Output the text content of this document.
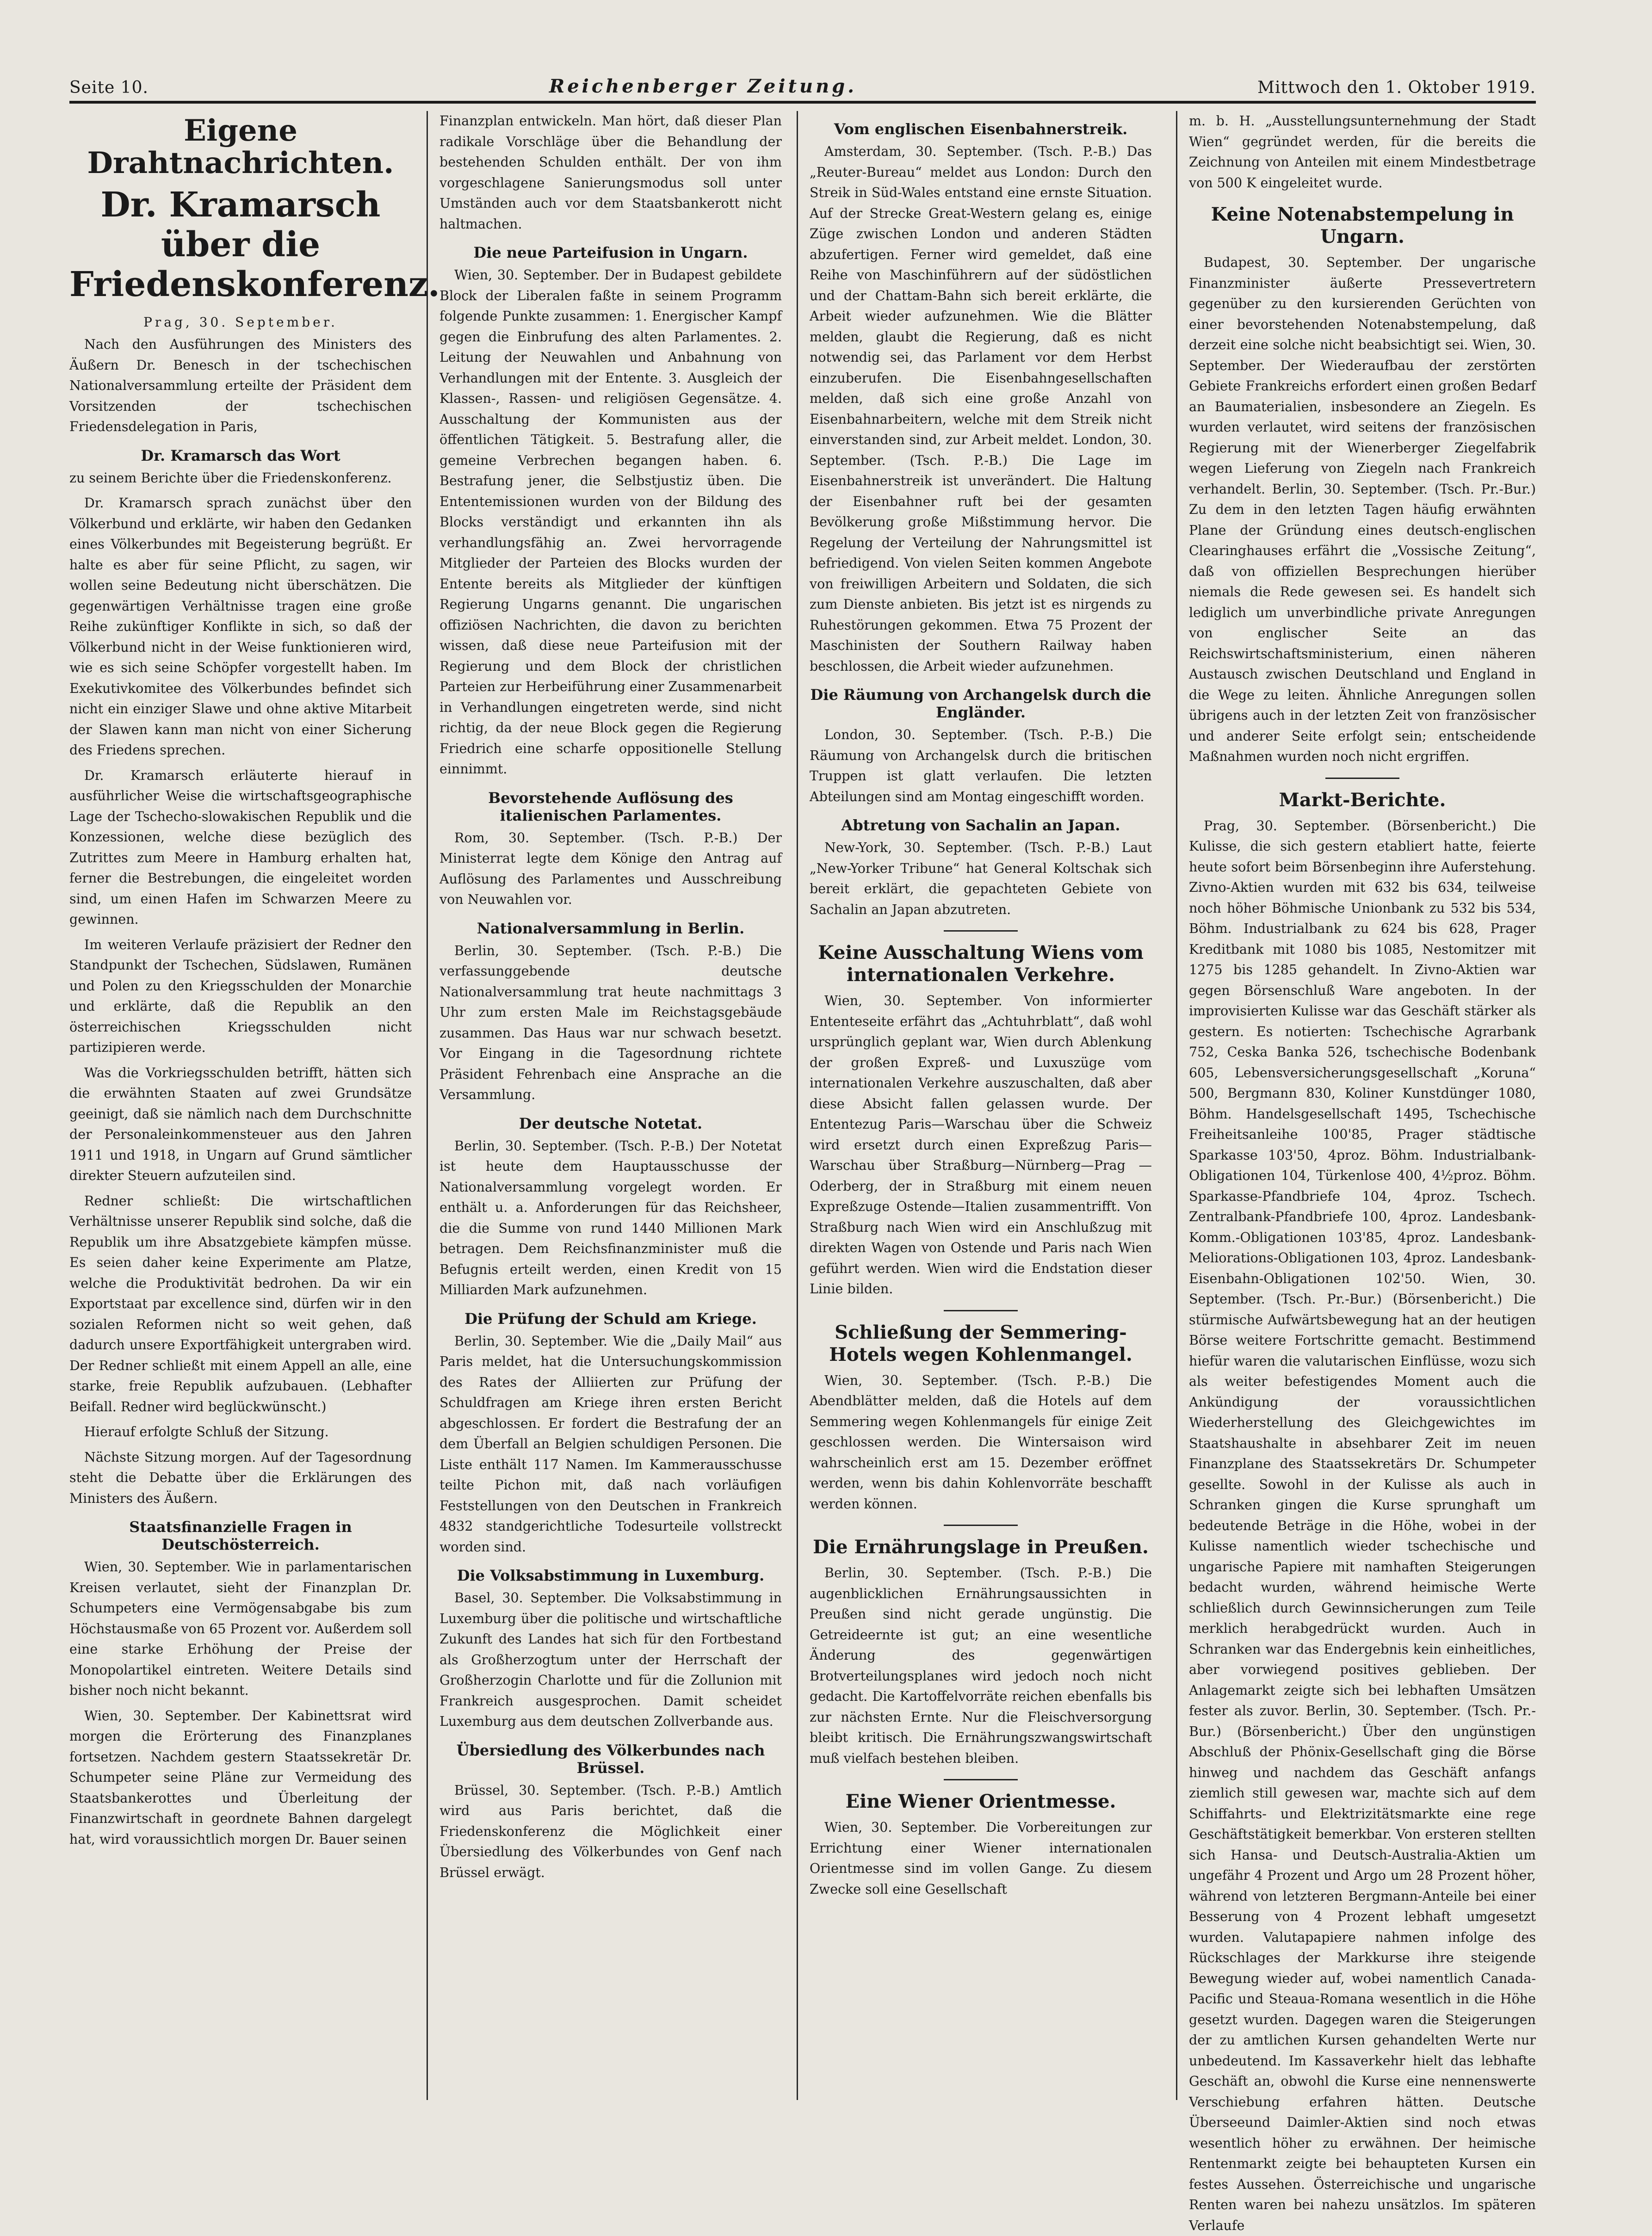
Seite 10.	Reichenberger Zeitung.	Mittwoch den 1. Oktober 1919.
Eigene Drahtnachrichten.
Dr. Kramarsch über die Friedenskonferenz.
Prag, 30. September.

Nach den Ausführungen des Ministers des Äußern Dr. Benesch in der tschechischen Nationalversammlung erteilte der Präsident dem Vorsitzenden der tschechischen Friedensdelegation in Paris,

Dr. Kramarsch das Wort

zu seinem Berichte über die Friedenskonferenz.

Dr. Kramarsch sprach zunächst über den Völkerbund und erklärte, wir haben den Gedanken eines Völkerbundes mit Begeisterung begrüßt. Er halte es aber für seine Pflicht, zu sagen, wir wollen seine Bedeutung nicht überschätzen. Die gegenwärtigen Verhältnisse tragen eine große Reihe zukünftiger Konflikte in sich, so daß der Völkerbund nicht in der Weise funktionieren wird, wie es sich seine Schöpfer vorgestellt haben. Im Exekutivkomitee des Völkerbundes befindet sich nicht ein einziger Slawe und ohne aktive Mitarbeit der Slawen kann man nicht von einer Sicherung des Friedens sprechen.

Dr. Kramarsch erläuterte hierauf in ausführlicher Weise die wirtschaftsgeographische Lage der Tschecho-slowakischen Republik und die Konzessionen, welche diese bezüglich des Zutrittes zum Meere in Hamburg erhalten hat, ferner die Bestrebungen, die eingeleitet worden sind, um einen Hafen im Schwarzen Meere zu gewinnen.

Im weiteren Verlaufe präzisiert der Redner den Standpunkt der Tschechen, Südslawen, Rumänen und Polen zu den Kriegsschulden der Monarchie und erklärte, daß die Republik an den österreichischen Kriegsschulden nicht partizipieren werde.

Was die Vorkriegsschulden betrifft, hätten sich die erwähnten Staaten auf zwei Grundsätze geeinigt, daß sie nämlich nach dem Durchschnitte der Personaleinkommensteuer aus den Jahren 1911 und 1918, in Ungarn auf Grund sämtlicher direkter Steuern aufzuteilen sind.

Redner schließt: Die wirtschaftlichen Verhältnisse unserer Republik sind solche, daß die Republik um ihre Absatzgebiete kämpfen müsse. Es seien daher keine Experimente am Platze, welche die Produktivität bedrohen. Da wir ein Exportstaat par excellence sind, dürfen wir in den sozialen Reformen nicht so weit gehen, daß dadurch unsere Exportfähigkeit untergraben wird. Der Redner schließt mit einem Appell an alle, eine starke, freie Republik aufzubauen. (Lebhafter Beifall. Redner wird beglückwünscht.)

Hierauf erfolgte Schluß der Sitzung.

Nächste Sitzung morgen. Auf der Tagesordnung steht die Debatte über die Erklärungen des Ministers des Äußern.

Staatsfinanzielle Fragen in Deutschösterreich.

Wien, 30. September. Wie in parlamentarischen Kreisen verlautet, sieht der Finanzplan Dr. Schumpeters eine Vermögensabgabe bis zum Höchstausmaße von 65 Prozent vor. Außerdem soll eine starke Erhöhung der Preise der Monopolartikel eintreten. Weitere Details sind bisher noch nicht bekannt.

Wien, 30. September. Der Kabinettsrat wird morgen die Erörterung des Finanzplanes fortsetzen. Nachdem gestern Staatssekretär Dr. Schumpeter seine Pläne zur Vermeidung des Staatsbankerottes und Überleitung der Finanzwirtschaft in geordnete Bahnen dargelegt hat, wird voraussichtlich morgen Dr. Bauer seinen

Finanzplan entwickeln. Man hört, daß dieser Plan radikale Vorschläge über die Behandlung der bestehenden Schulden enthält. Der von ihm vorgeschlagene Sanierungsmodus soll unter Umständen auch vor dem Staatsbankerott nicht haltmachen.

Die neue Parteifusion in Ungarn.

Wien, 30. September. Der in Budapest gebildete Block der Liberalen faßte in seinem Programm folgende Punkte zusammen: 1. Energischer Kampf gegen die Einbrufung des alten Parlamentes. 2. Leitung der Neuwahlen und Anbahnung von Verhandlungen mit der Entente. 3. Ausgleich der Klassen-, Rassen- und religiösen Gegensätze. 4. Ausschaltung der Kommunisten aus der öffentlichen Tätigkeit. 5. Bestrafung aller, die gemeine Verbrechen begangen haben. 6. Bestrafung jener, die Selbstjustiz üben. Die Ententemissionen wurden von der Bildung des Blocks verständigt und erkannten ihn als verhandlungsfähig an. Zwei hervorragende Mitglieder der Parteien des Blocks wurden der Entente bereits als Mitglieder der künftigen Regierung Ungarns genannt. Die ungarischen offiziösen Nachrichten, die davon zu berichten wissen, daß diese neue Parteifusion mit der Regierung und dem Block der christlichen Parteien zur Herbeiführung einer Zusammenarbeit in Verhandlungen eingetreten werde, sind nicht richtig, da der neue Block gegen die Regierung Friedrich eine scharfe oppositionelle Stellung einnimmt.

Bevorstehende Auflösung des italienischen Parlamentes.

Rom, 30. September. (Tsch. P.-B.) Der Ministerrat legte dem Könige den Antrag auf Auflösung des Parlamentes und Ausschreibung von Neuwahlen vor.

Nationalversammlung in Berlin.

Berlin, 30. September. (Tsch. P.-B.) Die verfassunggebende deutsche Nationalversammlung trat heute nachmittags 3 Uhr zum ersten Male im Reichstagsgebäude zusammen. Das Haus war nur schwach besetzt. Vor Eingang in die Tagesordnung richtete Präsident Fehrenbach eine Ansprache an die Versammlung.

Der deutsche Notetat.

Berlin, 30. September. (Tsch. P.-B.) Der Notetat ist heute dem Hauptausschusse der Nationalversammlung vorgelegt worden. Er enthält u. a. Anforderungen für das Reichsheer, die die Summe von rund 1440 Millionen Mark betragen. Dem Reichsfinanzminister muß die Befugnis erteilt werden, einen Kredit von 15 Milliarden Mark aufzunehmen.

Die Prüfung der Schuld am Kriege.

Berlin, 30. September. Wie die „Daily Mail“ aus Paris meldet, hat die Untersuchungskommission des Rates der Alliierten zur Prüfung der Schuldfragen am Kriege ihren ersten Bericht abgeschlossen. Er fordert die Bestrafung der an dem Überfall an Belgien schuldigen Personen. Die Liste enthält 117 Namen. Im Kammerausschusse teilte Pichon mit, daß nach vorläufigen Feststellungen von den Deutschen in Frankreich 4832 standgerichtliche Todesurteile vollstreckt worden sind.

Die Volksabstimmung in Luxemburg.

Basel, 30. September. Die Volksabstimmung in Luxemburg über die politische und wirtschaftliche Zukunft des Landes hat sich für den Fortbestand als Großherzogtum unter der Herrschaft der Großherzogin Charlotte und für die Zollunion mit Frankreich ausgesprochen. Damit scheidet Luxemburg aus dem deutschen Zollverbande aus.

Übersiedlung des Völkerbundes nach Brüssel.

Brüssel, 30. September. (Tsch. P.-B.) Amtlich wird aus Paris berichtet, daß die Friedenskonferenz die Möglichkeit einer Übersiedlung des Völkerbundes von Genf nach Brüssel erwägt.

Vom englischen Eisenbahnerstreik.

Amsterdam, 30. September. (Tsch. P.-B.) Das „Reuter-Bureau“ meldet aus London: Durch den Streik in Süd-Wales entstand eine ernste Situation. Auf der Strecke Great-Western gelang es, einige Züge zwischen London und anderen Städten abzufertigen. Ferner wird gemeldet, daß eine Reihe von Maschinführern auf der südöstlichen und der Chattam-Bahn sich bereit erklärte, die Arbeit wieder aufzunehmen. Wie die Blätter melden, glaubt die Regierung, daß es nicht notwendig sei, das Parlament vor dem Herbst einzuberufen. Die Eisenbahngesellschaften melden, daß sich eine große Anzahl von Eisenbahnarbeitern, welche mit dem Streik nicht einverstanden sind, zur Arbeit meldet. London, 30. September. (Tsch. P.-B.) Die Lage im Eisenbahnerstreik ist unverändert. Die Haltung der Eisenbahner ruft bei der gesamten Bevölkerung große Mißstimmung hervor. Die Regelung der Verteilung der Nahrungsmittel ist befriedigend. Von vielen Seiten kommen Angebote von freiwilligen Arbeitern und Soldaten, die sich zum Dienste anbieten. Bis jetzt ist es nirgends zu Ruhestörungen gekommen. Etwa 75 Prozent der Maschinisten der Southern Railway haben beschlossen, die Arbeit wieder aufzunehmen.

Die Räumung von Archangelsk durch die Engländer.

London, 30. September. (Tsch. P.-B.) Die Räumung von Archangelsk durch die britischen Truppen ist glatt verlaufen. Die letzten Abteilungen sind am Montag eingeschifft worden.

Abtretung von Sachalin an Japan.

New-York, 30. September. (Tsch. P.-B.) Laut „New-Yorker Tribune“ hat General Koltschak sich bereit erklärt, die gepachteten Gebiete von Sachalin an Japan abzutreten.

Keine Ausschaltung Wiens vom internationalen Verkehre.

Wien, 30. September. Von informierter Ententeseite erfährt das „Achtuhrblatt“, daß wohl ursprünglich geplant war, Wien durch Ablenkung der großen Expreß- und Luxuszüge vom internationalen Verkehre auszuschalten, daß aber diese Absicht fallen gelassen wurde. Der Ententezug Paris—Warschau über die Schweiz wird ersetzt durch einen Expreßzug Paris—Warschau über Straßburg—Nürnberg—Prag — Oderberg, der in Straßburg mit einem neuen Expreßzuge Ostende—Italien zusammentrifft. Von Straßburg nach Wien wird ein Anschlußzug mit direkten Wagen von Ostende und Paris nach Wien geführt werden. Wien wird die Endstation dieser Linie bilden.

Schließung der Semmering-Hotels wegen Kohlenmangel.

Wien, 30. September. (Tsch. P.-B.) Die Abendblätter melden, daß die Hotels auf dem Semmering wegen Kohlenmangels für einige Zeit geschlossen werden. Die Wintersaison wird wahrscheinlich erst am 15. Dezember eröffnet werden, wenn bis dahin Kohlenvorräte beschafft werden können.

Die Ernährungslage in Preußen.

Berlin, 30. September. (Tsch. P.-B.) Die augenblicklichen Ernährungsaussichten in Preußen sind nicht gerade ungünstig. Die Getreideernte ist gut; an eine wesentliche Änderung des gegenwärtigen Brotverteilungsplanes wird jedoch noch nicht gedacht. Die Kartoffelvorräte reichen ebenfalls bis zur nächsten Ernte. Nur die Fleischversorgung bleibt kritisch. Die Ernährungszwangswirtschaft muß vielfach bestehen bleiben.

Eine Wiener Orientmesse.

Wien, 30. September. Die Vorbereitungen zur Errichtung einer Wiener internationalen Orientmesse sind im vollen Gange. Zu diesem Zwecke soll eine Gesellschaft

m. b. H. „Ausstellungsunternehmung der Stadt Wien“ gegründet werden, für die bereits die Zeichnung von Anteilen mit einem Mindestbetrage von 500 K eingeleitet wurde.

Keine Notenabstempelung in Ungarn.

Budapest, 30. September. Der ungarische Finanzminister äußerte Pressevertretern gegenüber zu den kursierenden Gerüchten von einer bevorstehenden Notenabstempelung, daß derzeit eine solche nicht beabsichtigt sei. Wien, 30. September. Der Wiederaufbau der zerstörten Gebiete Frankreichs erfordert einen großen Bedarf an Baumaterialien, insbesondere an Ziegeln. Es wurden verlautet, wird seitens der französischen Regierung mit der Wienerberger Ziegelfabrik wegen Lieferung von Ziegeln nach Frankreich verhandelt. Berlin, 30. September. (Tsch. Pr.-Bur.) Zu dem in den letzten Tagen häufig erwähnten Plane der Gründung eines deutsch-englischen Clearinghauses erfährt die „Vossische Zeitung“, daß von offiziellen Besprechungen hierüber niemals die Rede gewesen sei. Es handelt sich lediglich um unverbindliche private Anregungen von englischer Seite an das Reichswirtschaftsministerium, einen näheren Austausch zwischen Deutschland und England in die Wege zu leiten. Ähnliche Anregungen sollen übrigens auch in der letzten Zeit von französischer und anderer Seite erfolgt sein; entscheidende Maßnahmen wurden noch nicht ergriffen.

Markt-Berichte.

Prag, 30. September. (Börsenbericht.) Die Kulisse, die sich gestern etabliert hatte, feierte heute sofort beim Börsenbeginn ihre Auferstehung. Zivno-Aktien wurden mit 632 bis 634, teilweise noch höher Böhmische Unionbank zu 532 bis 534, Böhm. Industrialbank zu 624 bis 628, Prager Kreditbank mit 1080 bis 1085, Nestomitzer mit 1275 bis 1285 gehandelt. In Zivno-Aktien war gegen Börsenschluß Ware angeboten. In der improvisierten Kulisse war das Geschäft stärker als gestern. Es notierten: Tschechische Agrarbank 752, Ceska Banka 526, tschechische Bodenbank 605, Lebensversicherungsgesellschaft „Koruna“ 500, Bergmann 830, Koliner Kunstdünger 1080, Böhm. Handelsgesellschaft 1495, Tschechische Freiheitsanleihe 100'85, Prager städtische Sparkasse 103'50, 4proz. Böhm. Industrialbank-Obligationen 104, Türkenlose 400, 4½proz. Böhm. Sparkasse-Pfandbriefe 104, 4proz. Tschech. Zentralbank-Pfandbriefe 100, 4proz. Landesbank-Komm.-Obligationen 103'85, 4proz. Landesbank-Meliorations-Obligationen 103, 4proz. Landesbank-Eisenbahn-Obligationen 102'50. Wien, 30. September. (Tsch. Pr.-Bur.) (Börsenbericht.) Die stürmische Aufwärtsbewegung hat an der heutigen Börse weitere Fortschritte gemacht. Bestimmend hiefür waren die valutarischen Einflüsse, wozu sich als weiter befestigendes Moment auch die Ankündigung der voraussichtlichen Wiederherstellung des Gleichgewichtes im Staatshaushalte in absehbarer Zeit im neuen Finanzplane des Staatssekretärs Dr. Schumpeter gesellte. Sowohl in der Kulisse als auch in Schranken gingen die Kurse sprunghaft um bedeutende Beträge in die Höhe, wobei in der Kulisse namentlich wieder tschechische und ungarische Papiere mit namhaften Steigerungen bedacht wurden, während heimische Werte schließlich durch Gewinnsicherungen zum Teile merklich herabgedrückt wurden. Auch in Schranken war das Endergebnis kein einheitliches, aber vorwiegend positives geblieben. Der Anlagemarkt zeigte sich bei lebhaften Umsätzen fester als zuvor. Berlin, 30. September. (Tsch. Pr.-Bur.) (Börsenbericht.) Über den ungünstigen Abschluß der Phönix-Gesellschaft ging die Börse hinweg und nachdem das Geschäft anfangs ziemlich still gewesen war, machte sich auf dem Schiffahrts- und Elektrizitätsmarkte eine rege Geschäftstätigkeit bemerkbar. Von ersteren stellten sich Hansa- und Deutsch-Australia-Aktien um ungefähr 4 Prozent und Argo um 28 Prozent höher, während von letzteren Bergmann-Anteile bei einer Besserung von 4 Prozent lebhaft umgesetzt wurden. Valutapapiere nahmen infolge des Rückschlages der Markkurse ihre steigende Bewegung wieder auf, wobei namentlich Canada-Pacific und Steaua-Romana wesentlich in die Höhe gesetzt wurden. Dagegen waren die Steigerungen der zu amtlichen Kursen gehandelten Werte nur unbedeutend. Im Kassaverkehr hielt das lebhafte Geschäft an, obwohl die Kurse eine nennenswerte Verschiebung erfahren hätten. Deutsche Überseeund Daimler-Aktien sind noch etwas wesentlich höher zu erwähnen. Der heimische Rentenmarkt zeigte bei behaupteten Kursen ein festes Aussehen. Österreichische und ungarische Renten waren bei nahezu unsätzlos. Im späteren Verlaufe
